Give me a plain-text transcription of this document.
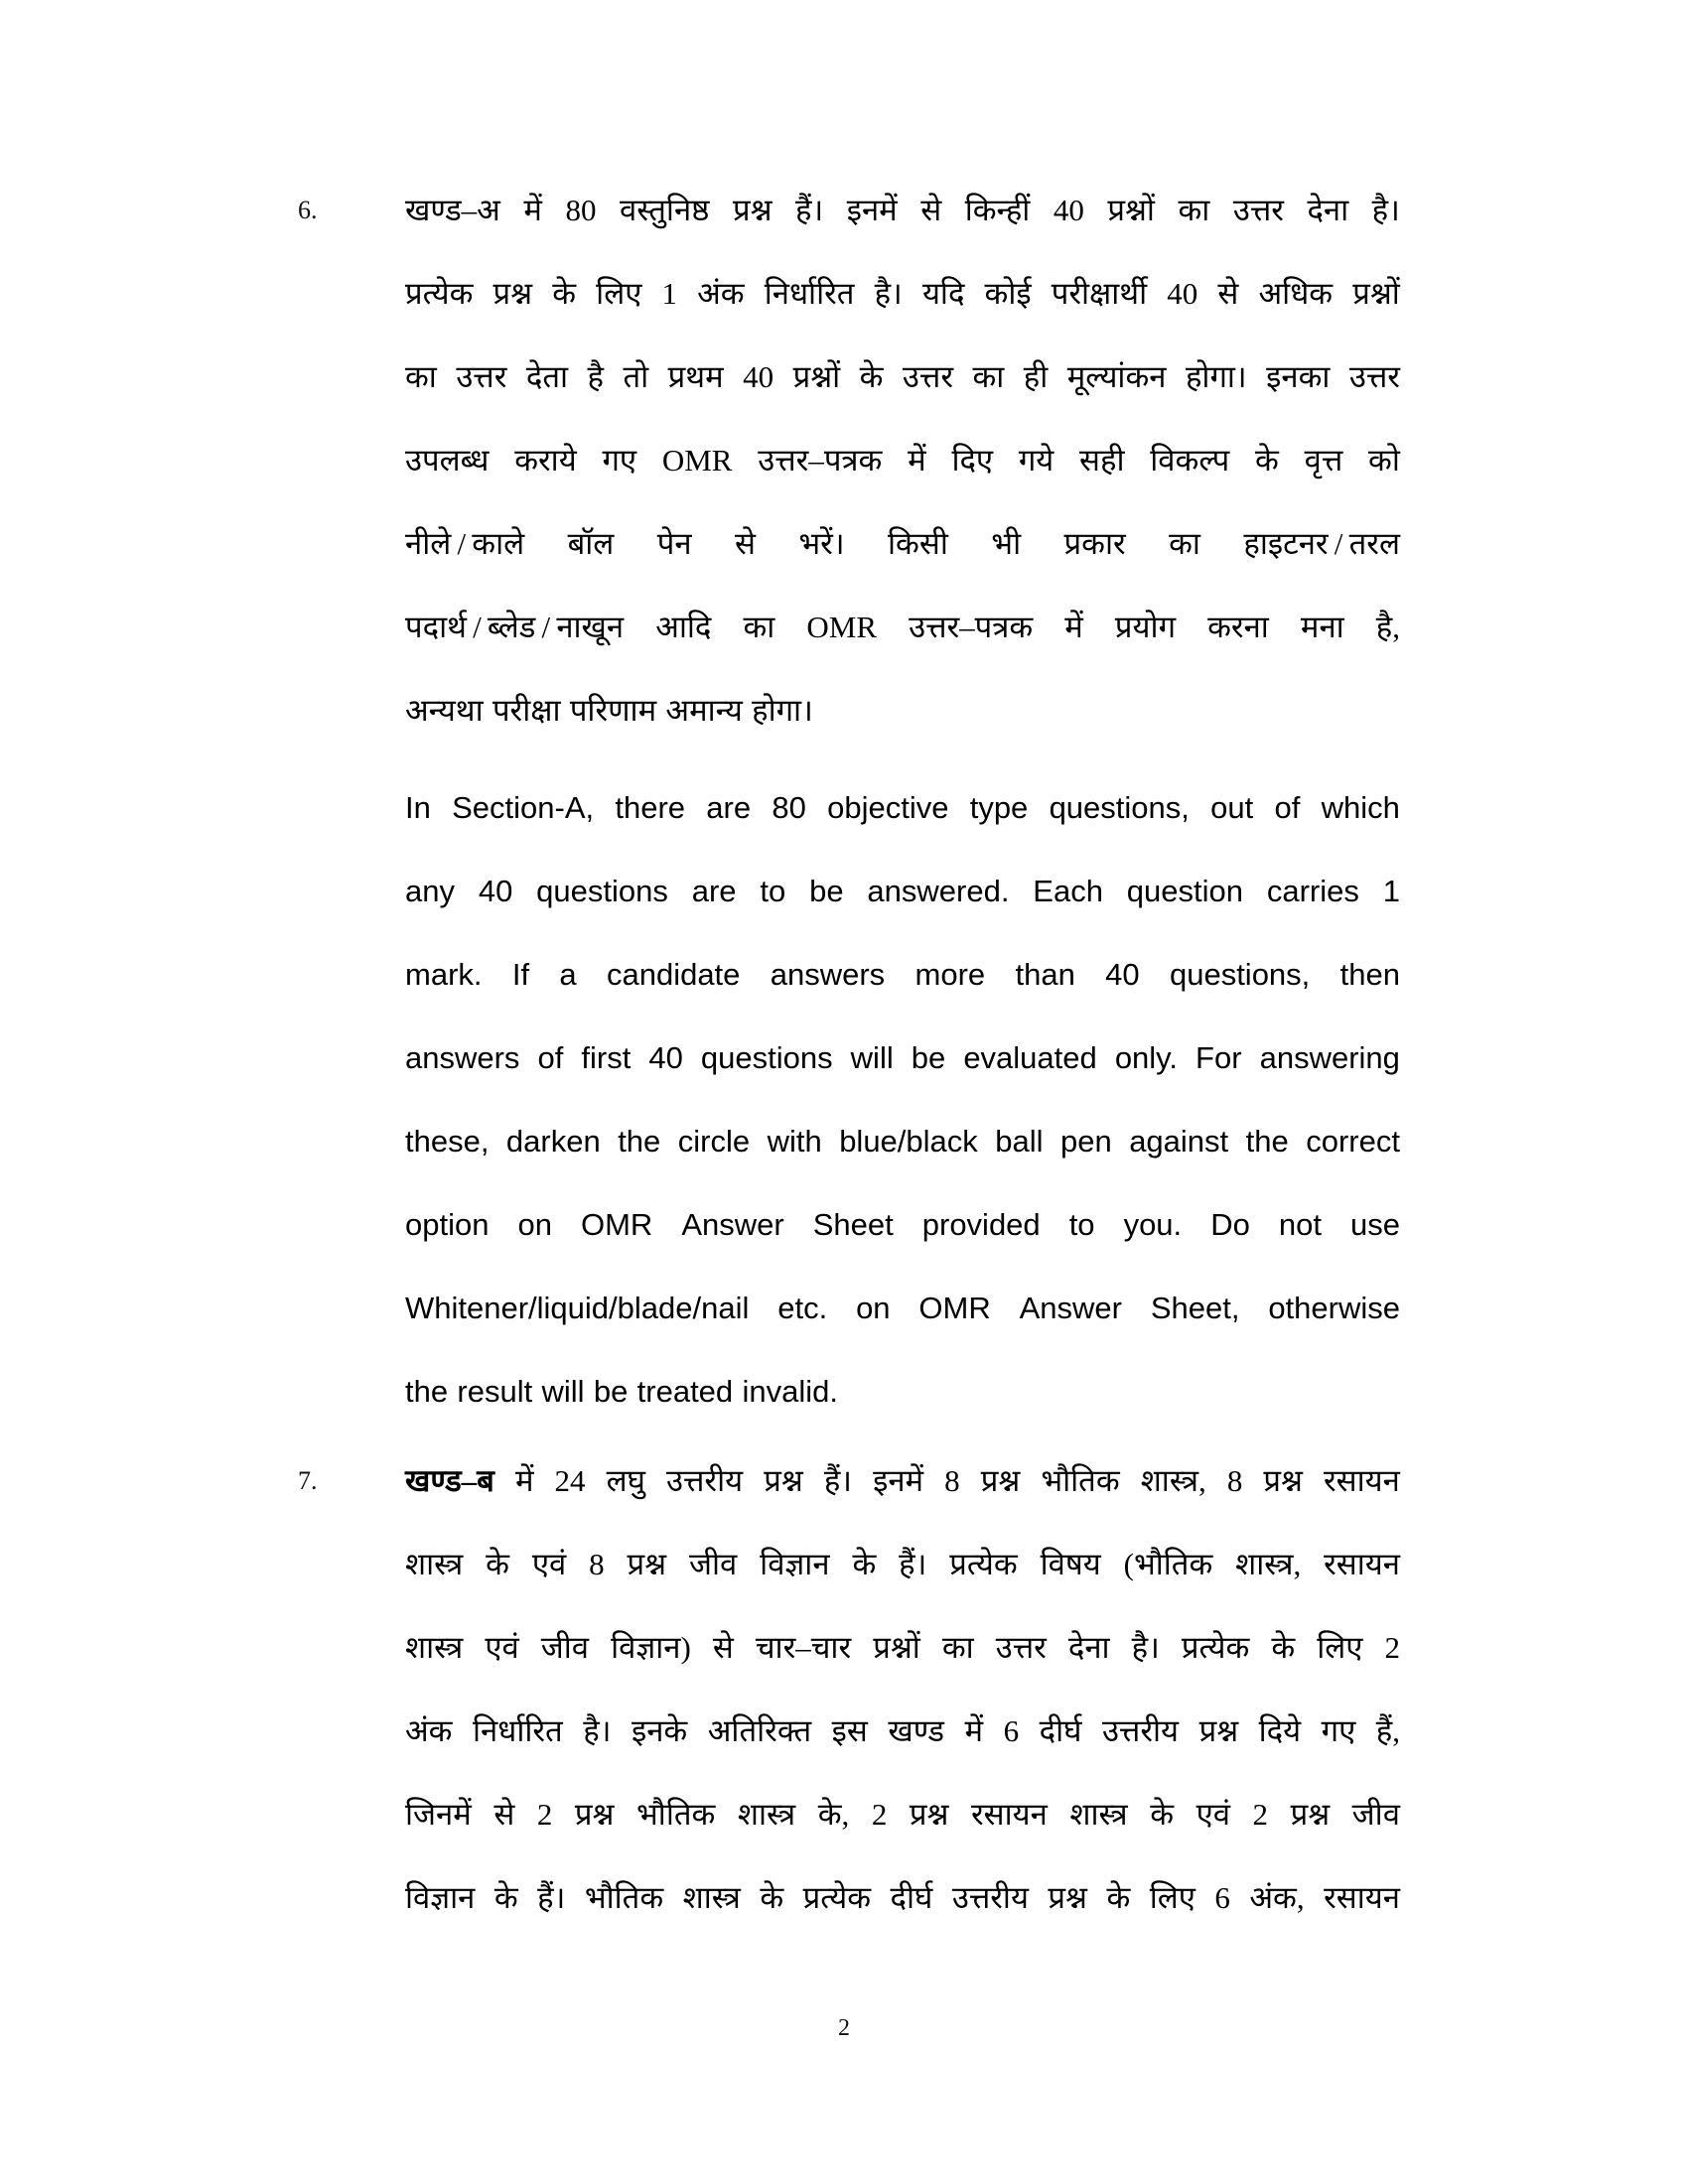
6.	खण्ड–अ में 80 वस्तुनिष्ठ प्रश्न हैं। इनमें से किन्हीं 40 प्रश्नों का उत्तर देना है।
प्रत्येक प्रश्न के लिए 1 अंक निर्धारित है। यदि कोई परीक्षार्थी 40 से अधिक प्रश्नों
का उत्तर देता है तो प्रथम 40 प्रश्नों के उत्तर का ही मूल्यांकन होगा। इनका उत्तर
उपलब्ध कराये गए OMR उत्तर–पत्रक में दिए गये सही विकल्प के वृत्त को
नीले / काले बॉल पेन से भरें। किसी भी प्रकार का हाइटनर / तरल
पदार्थ / ब्लेड / नाखून आदि का OMR उत्तर–पत्रक में प्रयोग करना मना है,
अन्यथा परीक्षा परिणाम अमान्य होगा।
In Section-A, there are 80 objective type questions, out of which
any 40 questions are to be answered. Each question carries 1
mark. If a candidate answers more than 40 questions, then
answers of first 40 questions will be evaluated only. For answering
these, darken the circle with blue/black ball pen against the correct
option on OMR Answer Sheet provided to you. Do not use
Whitener/liquid/blade/nail etc. on OMR Answer Sheet, otherwise
the result will be treated invalid.
7.	खण्ड–ब में 24 लघु उत्तरीय प्रश्न हैं। इनमें 8 प्रश्न भौतिक शास्त्र, 8 प्रश्न रसायन
शास्त्र के एवं 8 प्रश्न जीव विज्ञान के हैं। प्रत्येक विषय (भौतिक शास्त्र, रसायन
शास्त्र एवं जीव विज्ञान) से चार–चार प्रश्नों का उत्तर देना है। प्रत्येक के लिए 2
अंक निर्धारित है। इनके अतिरिक्त इस खण्ड में 6 दीर्घ उत्तरीय प्रश्न दिये गए हैं,
जिनमें से 2 प्रश्न भौतिक शास्त्र के, 2 प्रश्न रसायन शास्त्र के एवं 2 प्रश्न जीव
विज्ञान के हैं। भौतिक शास्त्र के प्रत्येक दीर्घ उत्तरीय प्रश्न के लिए 6 अंक, रसायन
2
